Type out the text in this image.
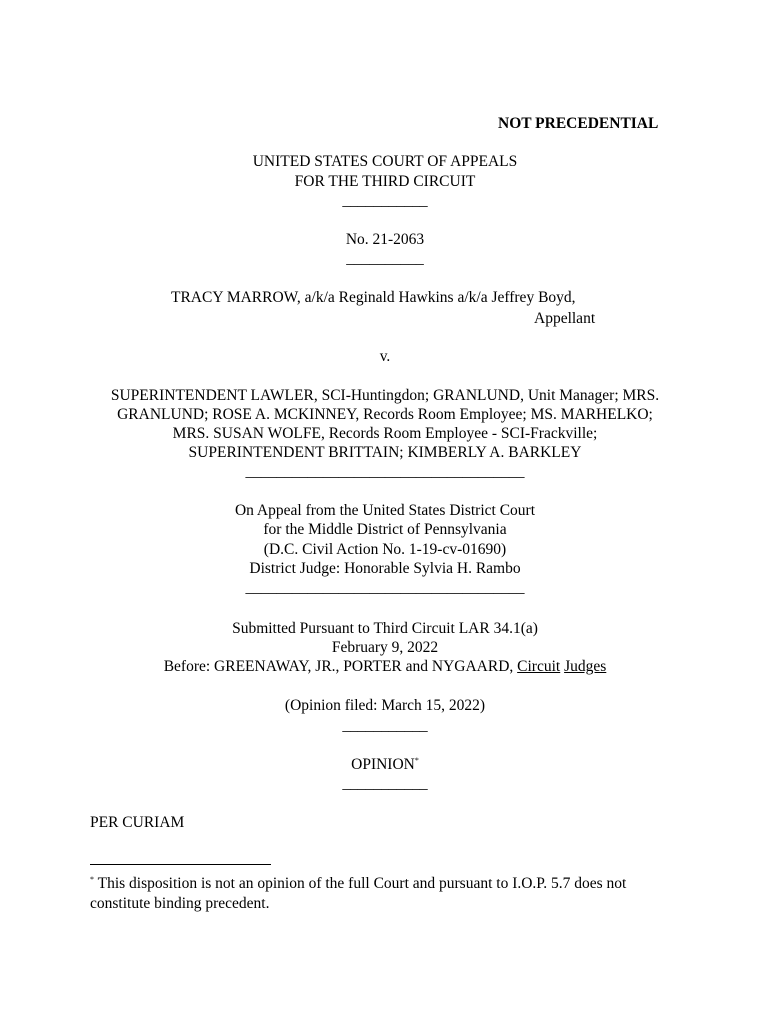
NOT PRECEDENTIAL
UNITED STATES COURT OF APPEALS
FOR THE THIRD CIRCUIT
___________
No. 21-2063
__________
TRACY MARROW, a/k/a Reginald Hawkins a/k/a Jeffrey Boyd,
Appellant
v.
SUPERINTENDENT LAWLER, SCI-Huntingdon; GRANLUND, Unit Manager; MRS.
GRANLUND; ROSE A. MCKINNEY, Records Room Employee; MS. MARHELKO;
MRS. SUSAN WOLFE, Records Room Employee - SCI-Frackville;
SUPERINTENDENT BRITTAIN; KIMBERLY A. BARKLEY
____________________________________
On Appeal from the United States District Court
for the Middle District of Pennsylvania
(D.C. Civil Action No. 1-19-cv-01690)
District Judge: Honorable Sylvia H. Rambo
____________________________________
Submitted Pursuant to Third Circuit LAR 34.1(a)
February 9, 2022
Before: GREENAWAY, JR., PORTER and NYGAARD, Circuit Judges
(Opinion filed: March 15, 2022)
___________
OPINION*
___________
PER CURIAM
* This disposition is not an opinion of the full Court and pursuant to I.O.P. 5.7 does not
constitute binding precedent.
